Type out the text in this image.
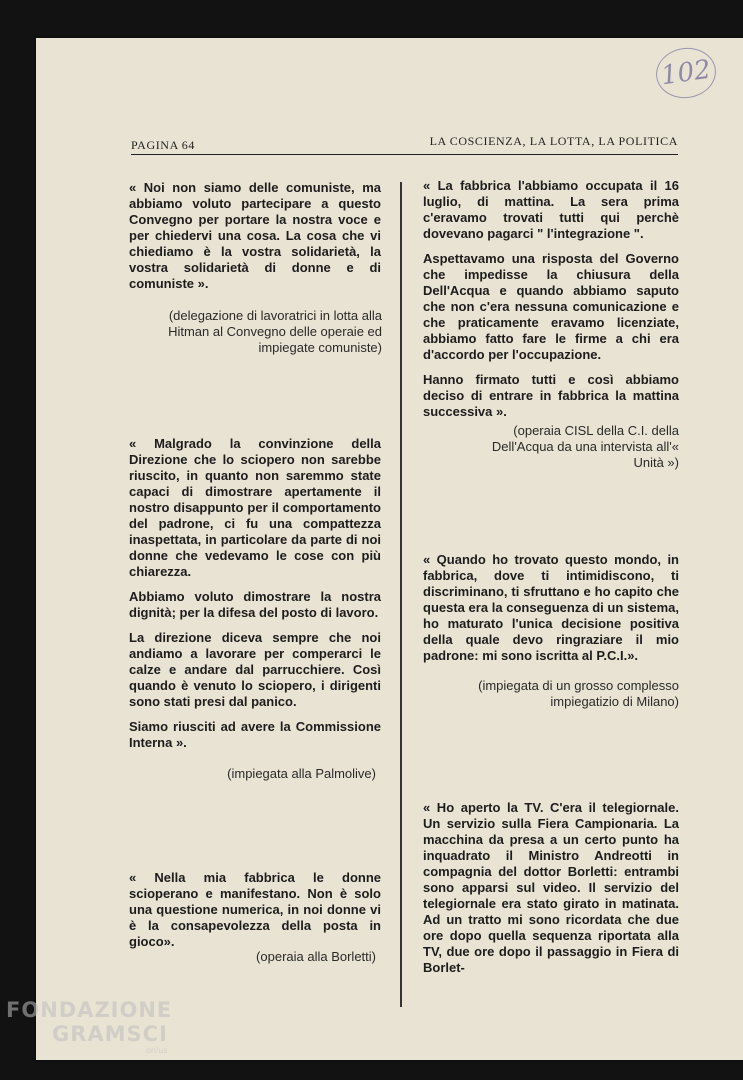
102
PAGINA 64	LA COSCIENZA, LA LOTTA, LA POLITICA

« Noi non siamo delle comuniste, ma abbiamo voluto partecipare a questo Convegno per portare la nostra voce e per chiedervi una cosa. La cosa che vi chiediamo è la vostra solidarietà, la vostra solidarietà di donne e di comuniste ».

(delegazione di lavoratrici in lotta alla Hitman al Convegno delle operaie ed impiegate comuniste)

« Malgrado la convinzione della Direzione che lo sciopero non sarebbe riuscito, in quanto non saremmo state capaci di dimostrare apertamente il nostro disappunto per il comportamento del padrone, ci fu una compattezza inaspettata, in particolare da parte di noi donne che vedevamo le cose con più chiarezza.

Abbiamo voluto dimostrare la nostra dignità; per la difesa del posto di lavoro.

La direzione diceva sempre che noi andiamo a lavorare per comperarci le calze e andare dal parrucchiere. Così quando è venuto lo sciopero, i dirigenti sono stati presi dal panico.

Siamo riusciti ad avere la Commissione Interna ».

(impiegata alla Palmolive)

« Nella mia fabbrica le donne scioperano e manifestano. Non è solo una questione numerica, in noi donne vi è la consapevolezza della posta in gioco».

(operaia alla Borletti)

« La fabbrica l'abbiamo occupata il 16 luglio, di mattina. La sera prima c'eravamo trovati tutti qui perchè dovevano pagarci " l'integrazione ".

Aspettavamo una risposta del Governo che impedisse la chiusura della Dell'Acqua e quando abbiamo saputo che non c'era nessuna comunicazione e che praticamente eravamo licenziate, abbiamo fatto fare le firme a chi era d'accordo per l'occupazione.

Hanno firmato tutti e così abbiamo deciso di entrare in fabbrica la mattina successiva ».

(operaia CISL della C.I. della Dell'Acqua da una intervista all'« Unità »)

« Quando ho trovato questo mondo, in fabbrica, dove ti intimidiscono, ti discriminano, ti sfruttano e ho capito che questa era la conseguenza di un sistema, ho maturato l'unica decisione positiva della quale devo ringraziare il mio padrone: mi sono iscritta al P.C.I.».

(impiegata di un grosso complesso impiegatizio di Milano)

« Ho aperto la TV. C'era il telegiornale. Un servizio sulla Fiera Campionaria. La macchina da presa a un certo punto ha inquadrato il Ministro Andreotti in compagnia del dottor Borletti: entrambi sono apparsi sul video. Il servizio del telegiornale era stato girato in matinata. Ad un tratto mi sono ricordata che due ore dopo quella sequenza riportata alla TV, due ore dopo il passaggio in Fiera di Borlet-

FONDAZIONE
GRAMSCI
onlus
